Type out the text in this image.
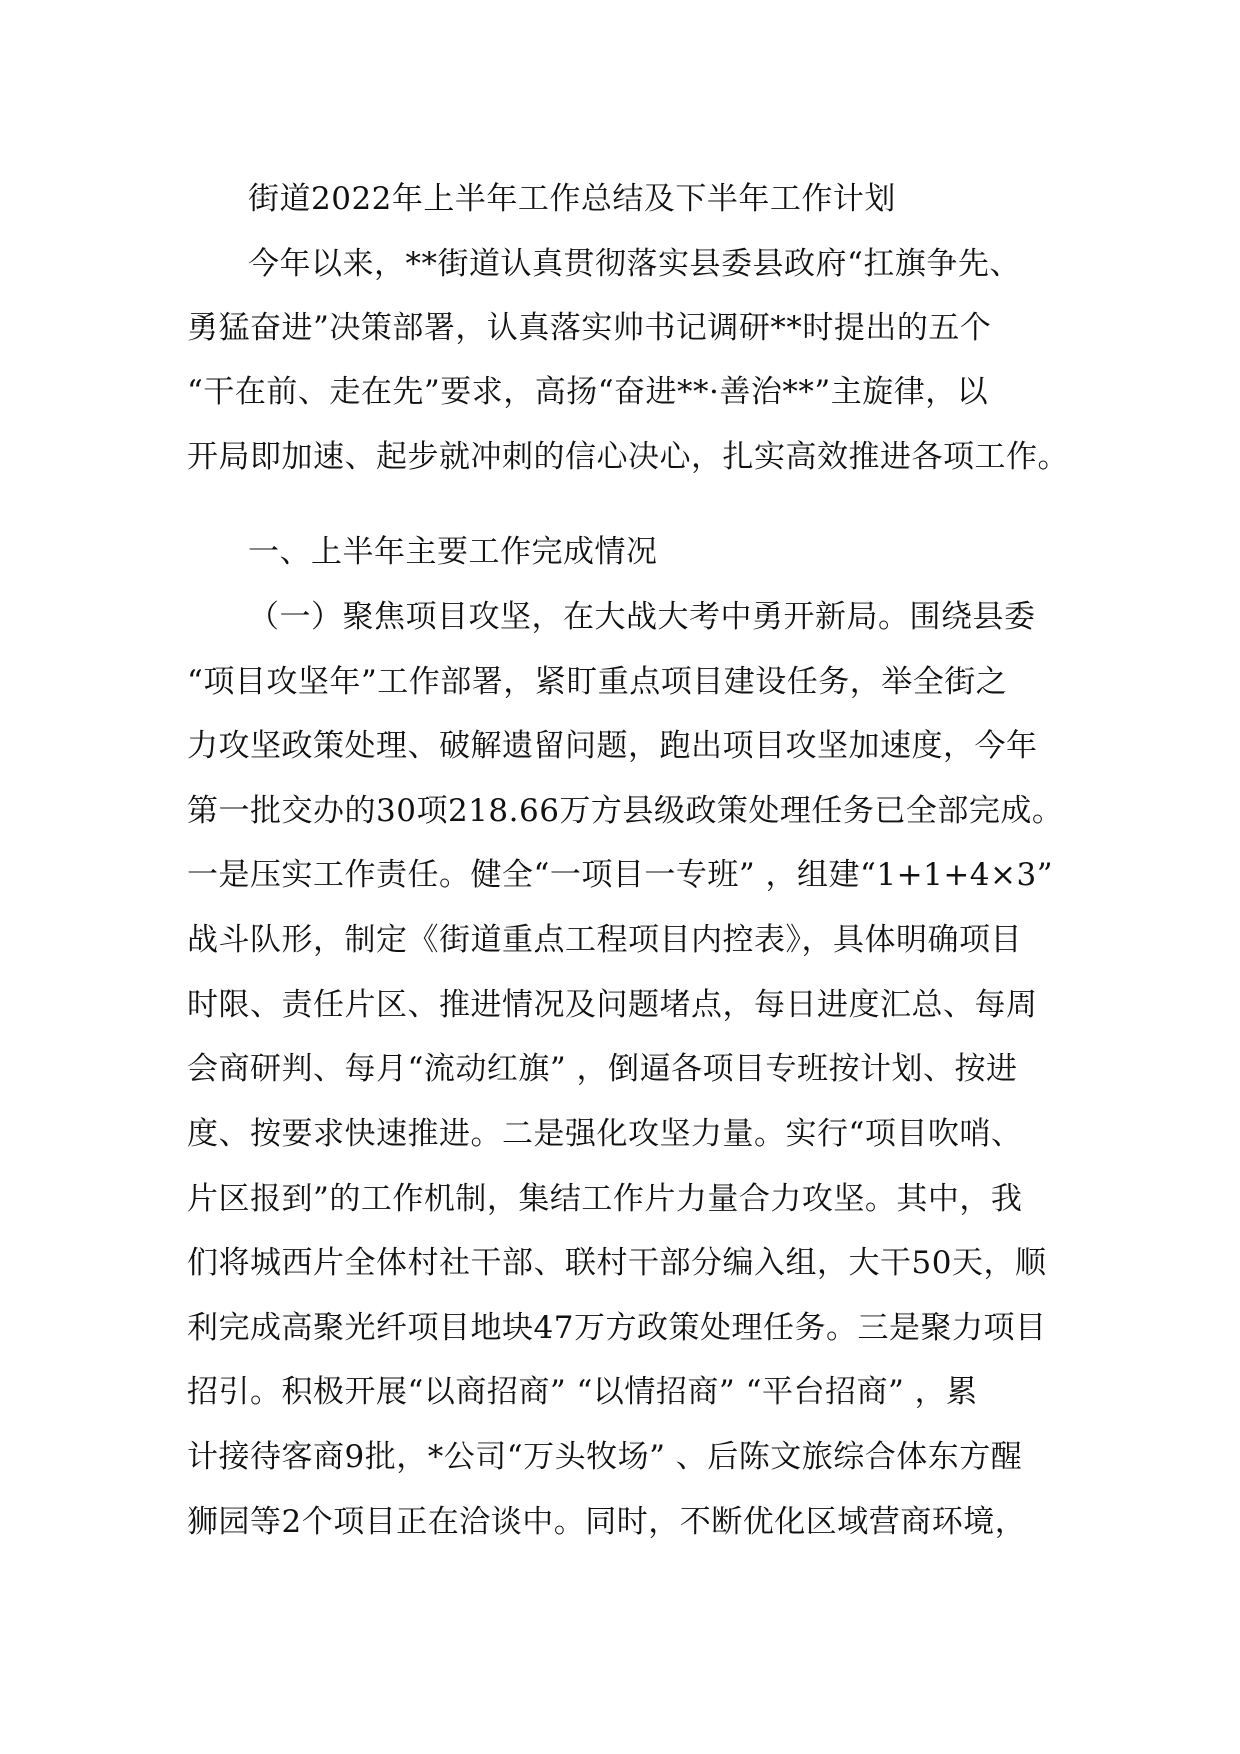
街道2022年上半年工作总结及下半年工作计划
今年以来，**街道认真贯彻落实县委县政府“扛旗争先、
勇猛奋进”决策部署，认真落实帅书记调研**时提出的五个
“干在前、走在先”要求，高扬“奋进**·善治**”主旋律，以
开局即加速、起步就冲刺的信心决心，扎实高效推进各项工作。
一、上半年主要工作完成情况
（一）聚焦项目攻坚，在大战大考中勇开新局。围绕县委
“项目攻坚年”工作部署，紧盯重点项目建设任务，举全街之
力攻坚政策处理、破解遗留问题，跑出项目攻坚加速度，今年
第一批交办的30项218.66万方县级政策处理任务已全部完成。
一是压实工作责任。健全“一项目一专班” ，组建“1+1+4×3”
战斗队形，制定《街道重点工程项目内控表》，具体明确项目
时限、责任片区、推进情况及问题堵点，每日进度汇总、每周
会商研判、每月“流动红旗” ，倒逼各项目专班按计划、按进
度、按要求快速推进。二是强化攻坚力量。实行“项目吹哨、
片区报到”的工作机制，集结工作片力量合力攻坚。其中，我
们将城西片全体村社干部、联村干部分编入组，大干50天，顺
利完成高聚光纤项目地块47万方政策处理任务。三是聚力项目
招引。积极开展“以商招商” “以情招商” “平台招商” ，累
计接待客商9批，*公司“万头牧场” 、后陈文旅综合体东方醒
狮园等2个项目正在洽谈中。同时，不断优化区域营商环境，
